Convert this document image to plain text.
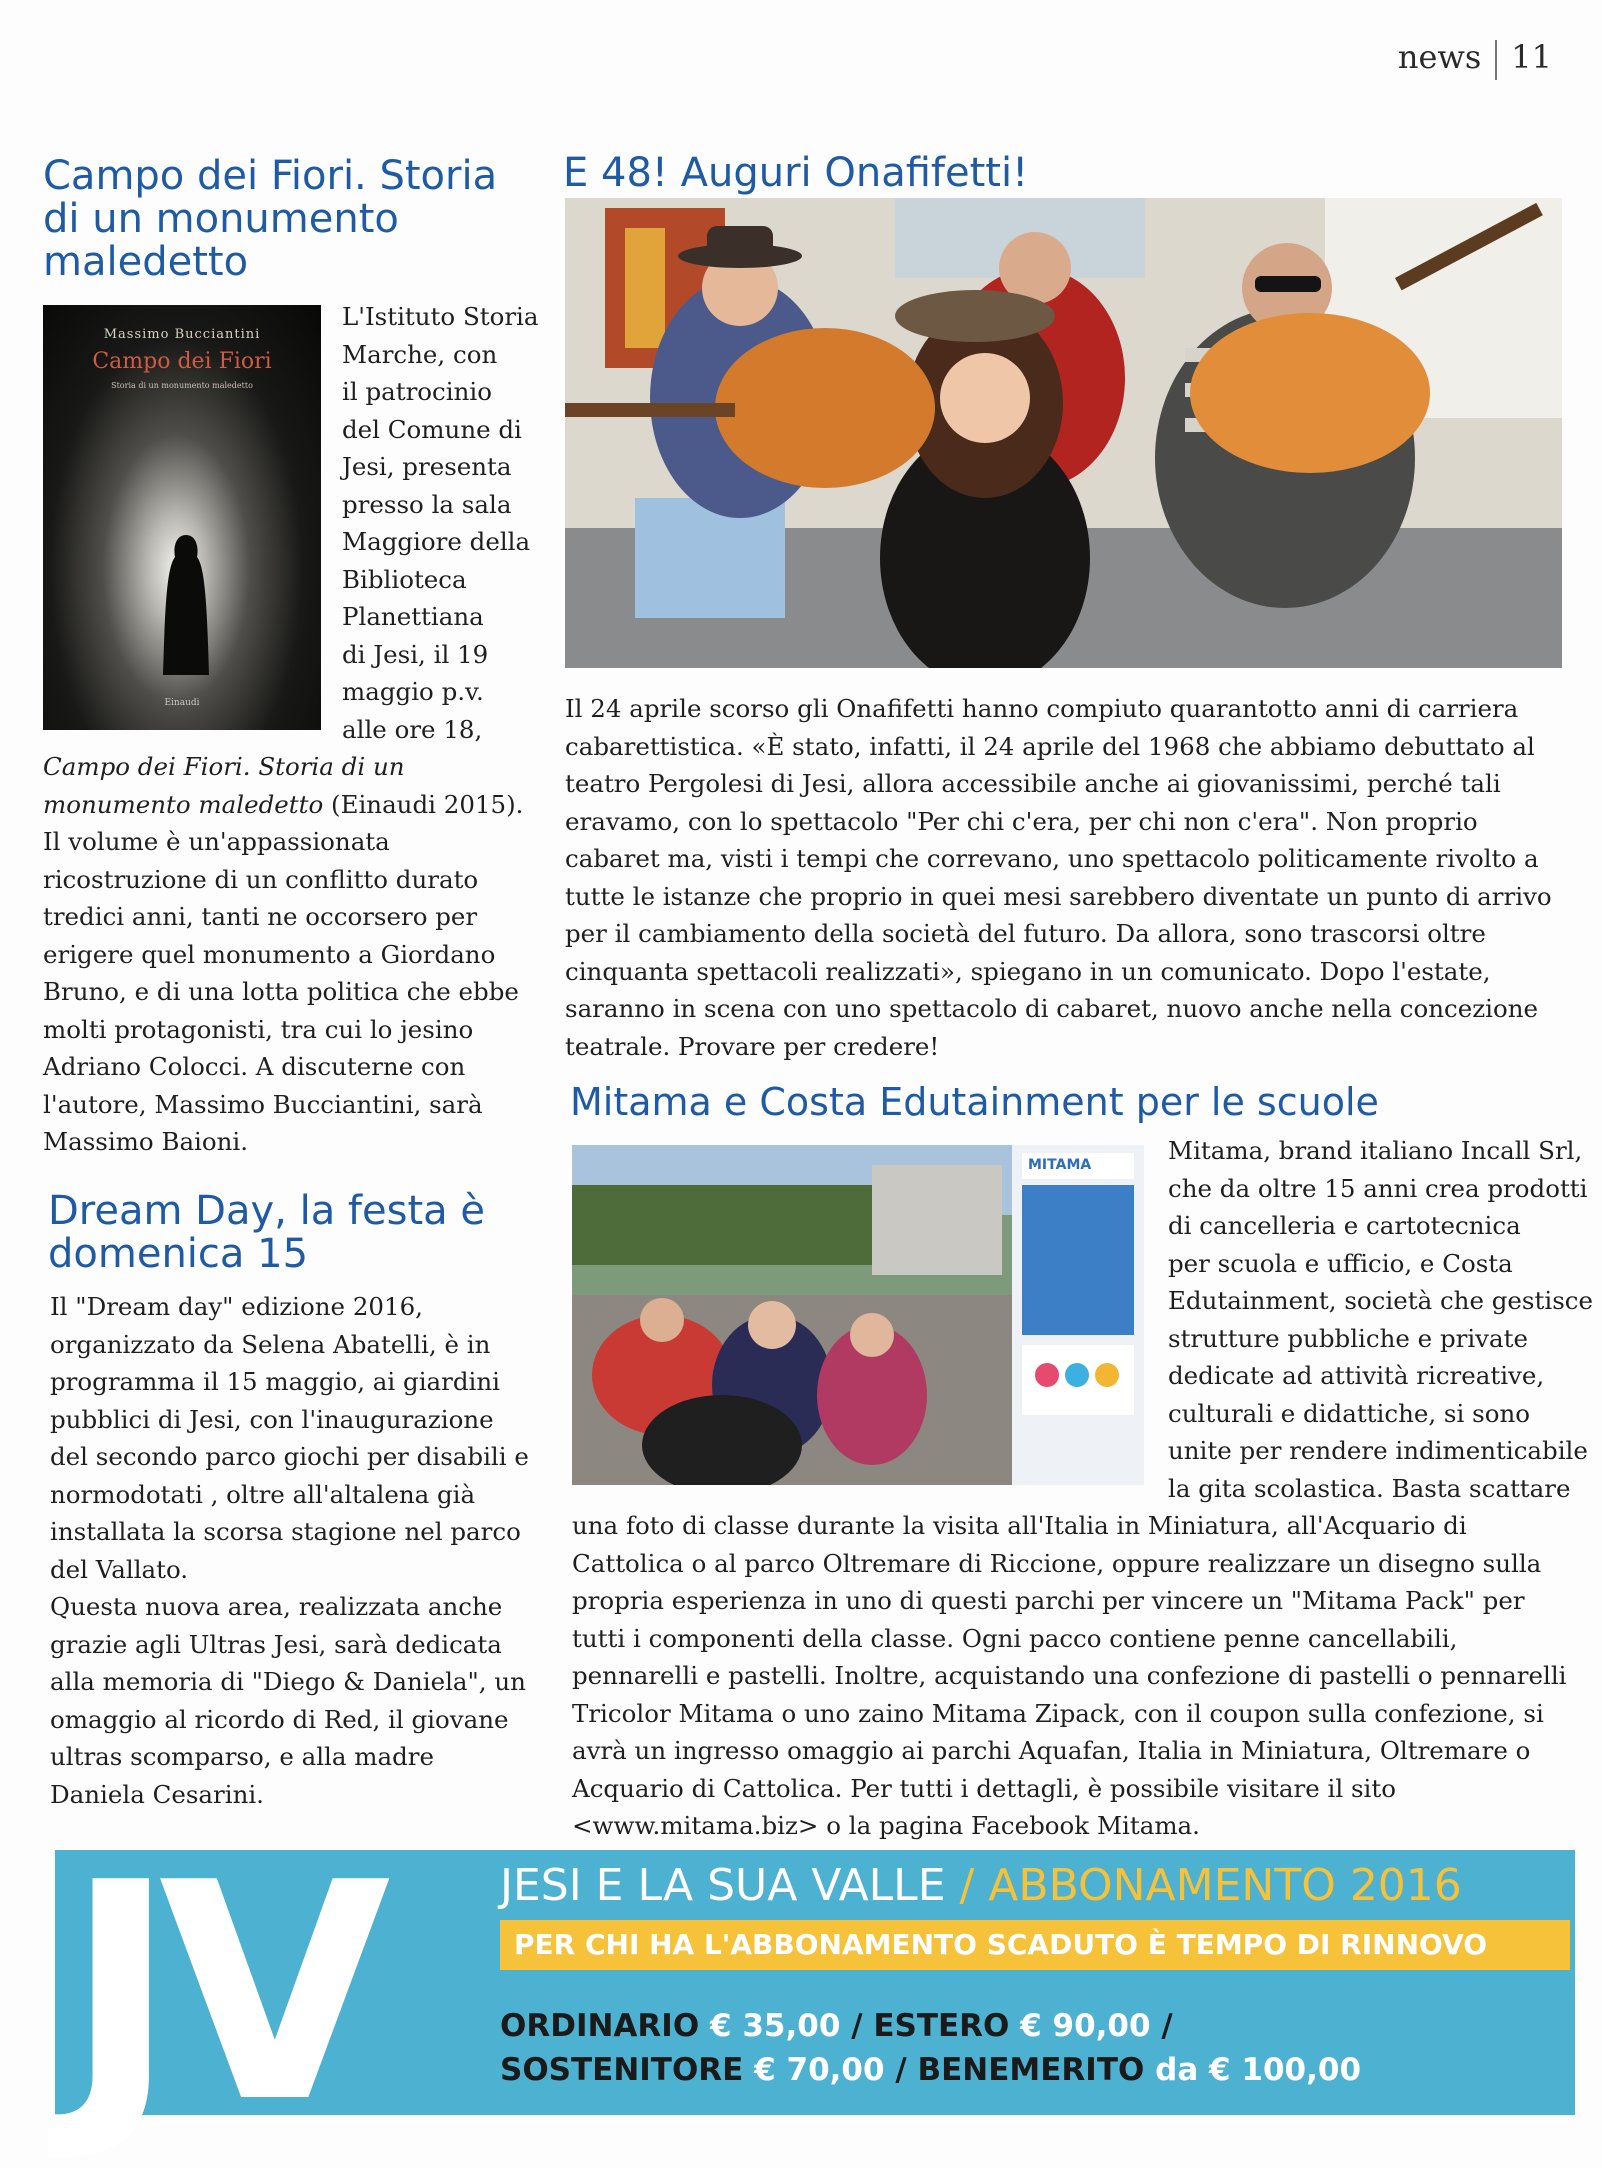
news 11
Campo dei Fiori. Storia di un monumento maledetto
Massimo Bucciantini
Campo dei Fiori
Storia di un monumento maledetto
Einaudi
L'Istituto Storia
Marche, con
il patrocinio
del Comune di
Jesi, presenta
presso la sala
Maggiore della
Biblioteca
Planettiana
di Jesi, il 19
maggio p.v.
alle ore 18,

Campo dei Fiori. Storia di un monumento maledetto (Einaudi 2015). Il volume è un'appassionata ricostruzione di un conflitto durato tredici anni, tanti ne occorsero per erigere quel monumento a Giordano Bruno, e di una lotta politica che ebbe molti protagonisti, tra cui lo jesino Adriano Colocci. A discuterne con l'autore, Massimo Bucciantini, sarà Massimo Baioni.

E 48! Auguri Onafifetti!

Il 24 aprile scorso gli Onafifetti hanno compiuto quarantotto anni di carriera cabarettistica. «È stato, infatti, il 24 aprile del 1968 che abbiamo debuttato al teatro Pergolesi di Jesi, allora accessibile anche ai giovanissimi, perché tali eravamo, con lo spettacolo "Per chi c'era, per chi non c'era". Non proprio cabaret ma, visti i tempi che correvano, uno spettacolo politicamente rivolto a tutte le istanze che proprio in quei mesi sarebbero diventate un punto di arrivo per il cambiamento della società del futuro. Da allora, sono trascorsi oltre cinquanta spettacoli realizzati», spiegano in un comunicato. Dopo l'estate, saranno in scena con uno spettacolo di cabaret, nuovo anche nella concezione teatrale. Provare per credere!

Dream Day, la festa è domenica 15

Il "Dream day" edizione 2016, organizzato da Selena Abatelli, è in programma il 15 maggio, ai giardini pubblici di Jesi, con l'inaugurazione del secondo parco giochi per disabili e normodotati , oltre all'altalena già installata la scorsa stagione nel parco del Vallato.

Questa nuova area, realizzata anche grazie agli Ultras Jesi, sarà dedicata alla memoria di "Diego & Daniela", un omaggio al ricordo di Red, il giovane ultras scomparso, e alla madre Daniela Cesarini.

Mitama e Costa Edutainment per le scuole
MITAMA	Mitama, brand italiano Incall Srl,
che da oltre 15 anni crea prodotti
di cancelleria e cartotecnica
per scuola e ufficio, e Costa
Edutainment, società che gestisce
strutture pubbliche e private
dedicate ad attività ricreative,
culturali e didattiche, si sono
unite per rendere indimenticabile
la gita scolastica. Basta scattare

una foto di classe durante la visita all'Italia in Miniatura, all'Acquario di Cattolica o al parco Oltremare di Riccione, oppure realizzare un disegno sulla propria esperienza in uno di questi parchi per vincere un "Mitama Pack" per tutti i componenti della classe. Ogni pacco contiene penne cancellabili, pennarelli e pastelli. Inoltre, acquistando una confezione di pastelli o pennarelli Tricolor Mitama o uno zaino Mitama Zipack, con il coupon sulla confezione, si avrà un ingresso omaggio ai parchi Aquafan, Italia in Miniatura, Oltremare o Acquario di Cattolica. Per tutti i dettagli, è possibile visitare il sito <www.mitama.biz> o la pagina Facebook Mitama.

JV	JESI E LA SUA VALLE / ABBONAMENTO 2016
PER CHI HA L'ABBONAMENTO SCADUTO È TEMPO DI RINNOVO
ORDINARIO € 35,00 / ESTERO € 90,00 /
SOSTENITORE € 70,00 / BENEMERITO da € 100,00
